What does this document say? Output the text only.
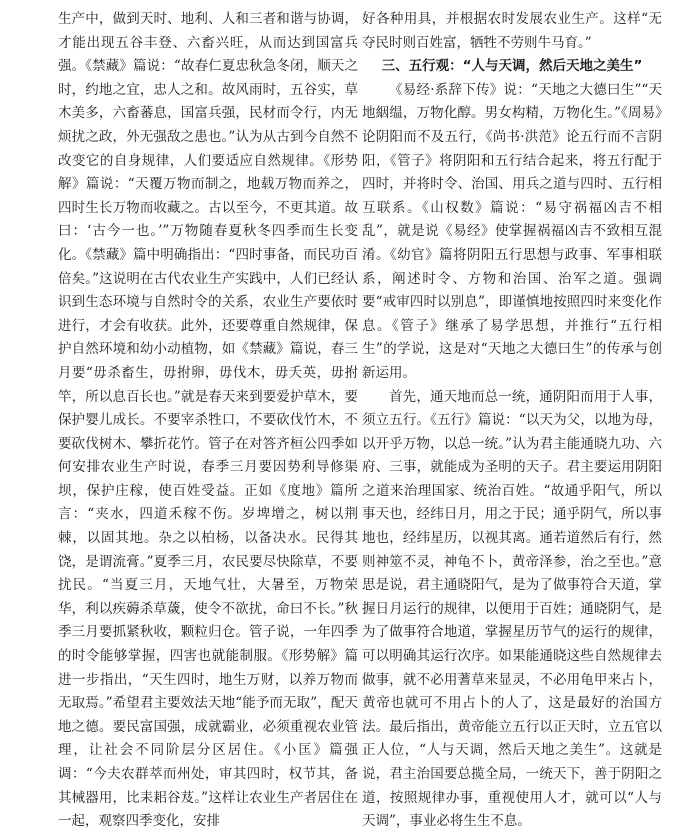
生产中，做到天时、地利、人和三者和谐与协调，才能出现五谷丰登、六畜兴旺，从而达到国富兵强。《禁藏》篇说：“故春仁夏忠秋急冬闭，顺天之时，约地之宜，忠人之和。故风雨时，五谷实，草木美多，六畜蕃息，国富兵强，民材而令行，内无烦扰之政，外无强敌之患也。”认为从古到今自然不改变它的自身规律，人们要适应自然规律。《形势解》篇说：“天覆万物而制之，地载万物而养之，四时生长万物而收藏之。古以至今，不更其道。故曰：‘古今一也。’”万物随春夏秋冬四季而生长变化。《禁藏》篇中明确指出：“四时事备，而民功百倍矣。”这说明在古代农业生产实践中，人们已经认识到生态环境与自然时令的关系，农业生产要依时进行，才会有收获。此外，还要尊重自然规律，保护自然环境和幼小动植物，如《禁藏》篇说，春三月要“毋杀畜生，毋拊卵，毋伐木，毋夭英，毋拊竿，所以息百长也。”就是春天来到要爱护草木，要保护婴儿成长。不要宰杀牲口，不要砍伐竹木，不要砍伐树木、攀折花竹。管子在对答齐桓公四季如何安排农业生产时说，春季三月要因势利导修渠坝，保护庄稼，使百姓受益。正如《度地》篇所言：“夹水，四道禾稼不伤。岁埤增之，树以荆棘，以固其地。杂之以柏杨，以备决水。民得其饶，是谓流膏。”夏季三月，农民要尽快除草，不要扰民。“当夏三月，天地气壮，大暑至，万物荣华，利以疾薅杀草薉，使令不欲扰，命曰不长。”秋季三月要抓紧秋收，颗粒归仓。管子说，一年四季的时令能够掌握，四害也就能制服。《形势解》篇进一步指出，“天生四时，地生万财，以养万物而无取焉。”希望君主要效法天地“能予而无取”，配天地之德。要民富国强，成就霸业，必须重视农业管理，让社会不同阶层分区居住。《小匡》篇强调：“今夫农群萃而州处，审其四时，权节其，备其械器用，比耒耜谷芨。”这样让农业生产者居住在一起，观察四季变化，安排

好各种用具，并根据农时发展农业生产。这样“无夺民时则百姓富，牺牲不劳则牛马育。”

三、五行观：“人与天调，然后天地之美生”

《易经·系辞下传》说：“天地之大德曰生”“天地絪缊，万物化醇。男女构精，万物化生。”《周易》论阴阳而不及五行，《尚书·洪范》论五行而不言阴阳，《管子》将阴阳和五行结合起来，将五行配于四时，并将时令、治国、用兵之道与四时、五行相互联系。《山权数》篇说：“易守祸福凶吉不相乱”，就是说《易经》使掌握祸福凶吉不致相互混淆。《幼官》篇将阴阳五行思想与政事、军事相联系，阐述时令、方物和治国、治军之道。强调要“戒审四时以别息”，即谨慎地按照四时来变化作息。《管子》继承了易学思想，并推行“五行相生”的学说，这是对“天地之大德曰生”的传承与创新运用。

首先，通天地而总一统，通阴阳而用于人事，须立五行。《五行》篇说：“以天为父，以地为母，以开乎万物，以总一统。”认为君主能通晓九功、六府、三事，就能成为圣明的天子。君主要运用阴阳之道来治理国家、统治百姓。“故通乎阳气，所以事天也，经纬日月，用之于民；通乎阴气，所以事地也，经纬星历，以视其离。通若道然后有行，然则神筮不灵，神龟不卜，黄帝泽参，治之至也。”意思是说，君主通晓阳气，是为了做事符合天道，掌握日月运行的规律，以便用于百姓；通晓阴气，是为了做事符合地道，掌握星历节气的运行的规律，可以明确其运行次序。如果能通晓这些自然规律去做事，就不必用蓍草来显灵，不必用龟甲来占卜，黄帝也就可不用占卜的人了，这是最好的治国方法。最后指出，黄帝能立五行以正天时，立五官以正人位，“人与天调，然后天地之美生”。这就是说，君主治国要总揽全局，一统天下，善于阴阳之道，按照规律办事，重视使用人才，就可以“人与天调”，事业必将生生不息。
